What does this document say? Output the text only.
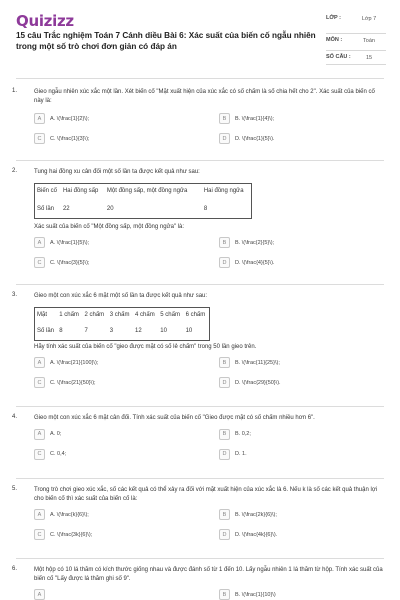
Quizizz
15 câu Trắc nghiệm Toán 7 Cánh diều Bài 6: Xác suất của biến cố ngẫu nhiên trong một số trò chơi đơn giản có đáp án
LỚP :	Lớp 7
MÔN :	Toán
SỐ CÂU :	15
1.	Gieo ngẫu nhiên xúc xắc một lần. Xét biến cố "Mặt xuất hiện của xúc xắc có số chấm là số chia hết cho 2". Xác suất của biến cố này là:
A	A. \(\frac{1}{2}\);	B	B. \(\frac{1}{4}\);
C	C. \(\frac{1}{3}\);	D	D. \(\frac{1}{5}\).
2.	Tung hai đồng xu cân đối một số lần ta được kết quả như sau:
Biến cố	Hai đồng sấp	Một đồng sấp, một đồng ngửa	Hai đồng ngửa
Số lần	22	20	8
Xác suất của biến cố "Một đồng sấp, một đồng ngửa" là:
A	A. \(\frac{1}{5}\);	B	B. \(\frac{2}{5}\);
C	C. \(\frac{3}{5}\);	D	D. \(\frac{4}{5}\).
3.	Gieo một con xúc xắc 6 mặt một số lần ta được kết quả như sau:
Mặt	1 chấm	2 chấm	3 chấm	4 chấm	5 chấm	6 chấm
Số lần	8	7	3	12	10	10
Hãy tính xác suất của biến cố "gieo được mặt có số lẻ chấm" trong 50 lần gieo trên.
A	A. \(\frac{21}{100}\);	B	B. \(\frac{11}{25}\);
C	C. \(\frac{21}{50}\);	D	D. \(\frac{29}{50}\).
4.	Gieo một con xúc xắc 6 mặt cân đối. Tính xác suất của biến cố "Gieo được mặt có số chấm nhiều hơn 6".
A	A. 0;	B	B. 0,2;
C	C. 0,4;	D	D. 1.
5.	Trong trò chơi gieo xúc xắc, số các kết quả có thể xảy ra đối với mặt xuất hiện của xúc xắc là 6. Nếu k là số các kết quả thuận lợi cho biến cố thì xác suất của biến cố là:
A	A. \(\frac{k}{6}\);	B	B. \(\frac{2k}{6}\);
C	C. \(\frac{3k}{6}\);	D	D. \(\frac{4k}{6}\).
6.	Một hộp có 10 lá thăm có kích thước giống nhau và được đánh số từ 1 đến 10. Lấy ngẫu nhiên 1 lá thăm từ hộp. Tính xác suất của biến cố "Lấy được lá thăm ghi số 9".
A	B	B. \(\frac{1}{10}\)
